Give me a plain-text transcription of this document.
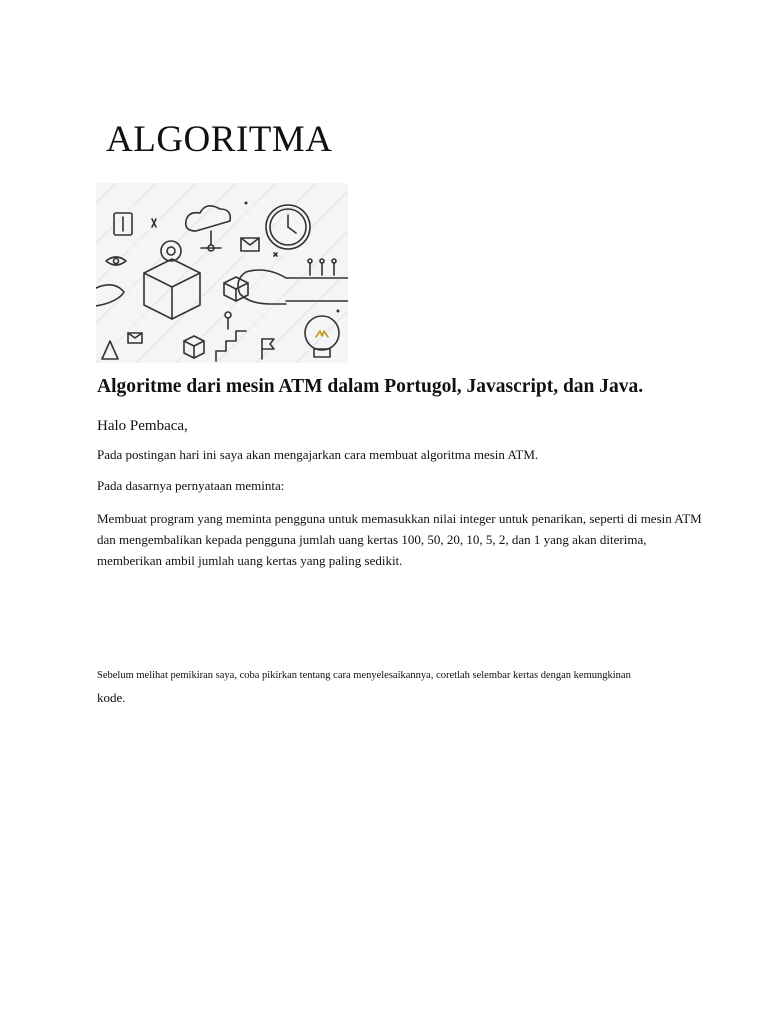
ALGORITMA
Algoritme dari mesin ATM dalam Portugol, Javascript, dan Java.

Halo Pembaca,

Pada postingan hari ini saya akan mengajarkan cara membuat algoritma mesin ATM.

Pada dasarnya pernyataan meminta:

Membuat program yang meminta pengguna untuk memasukkan nilai integer untuk penarikan, seperti di mesin ATM dan mengembalikan kepada pengguna jumlah uang kertas 100, 50, 20, 10, 5, 2, dan 1 yang akan diterima, memberikan ambil jumlah uang kertas yang paling sedikit.

Sebelum melihat pemikiran saya, coba pikirkan tentang cara menyelesaikannya, coretlah selembar kertas dengan kemungkinan

kode.
